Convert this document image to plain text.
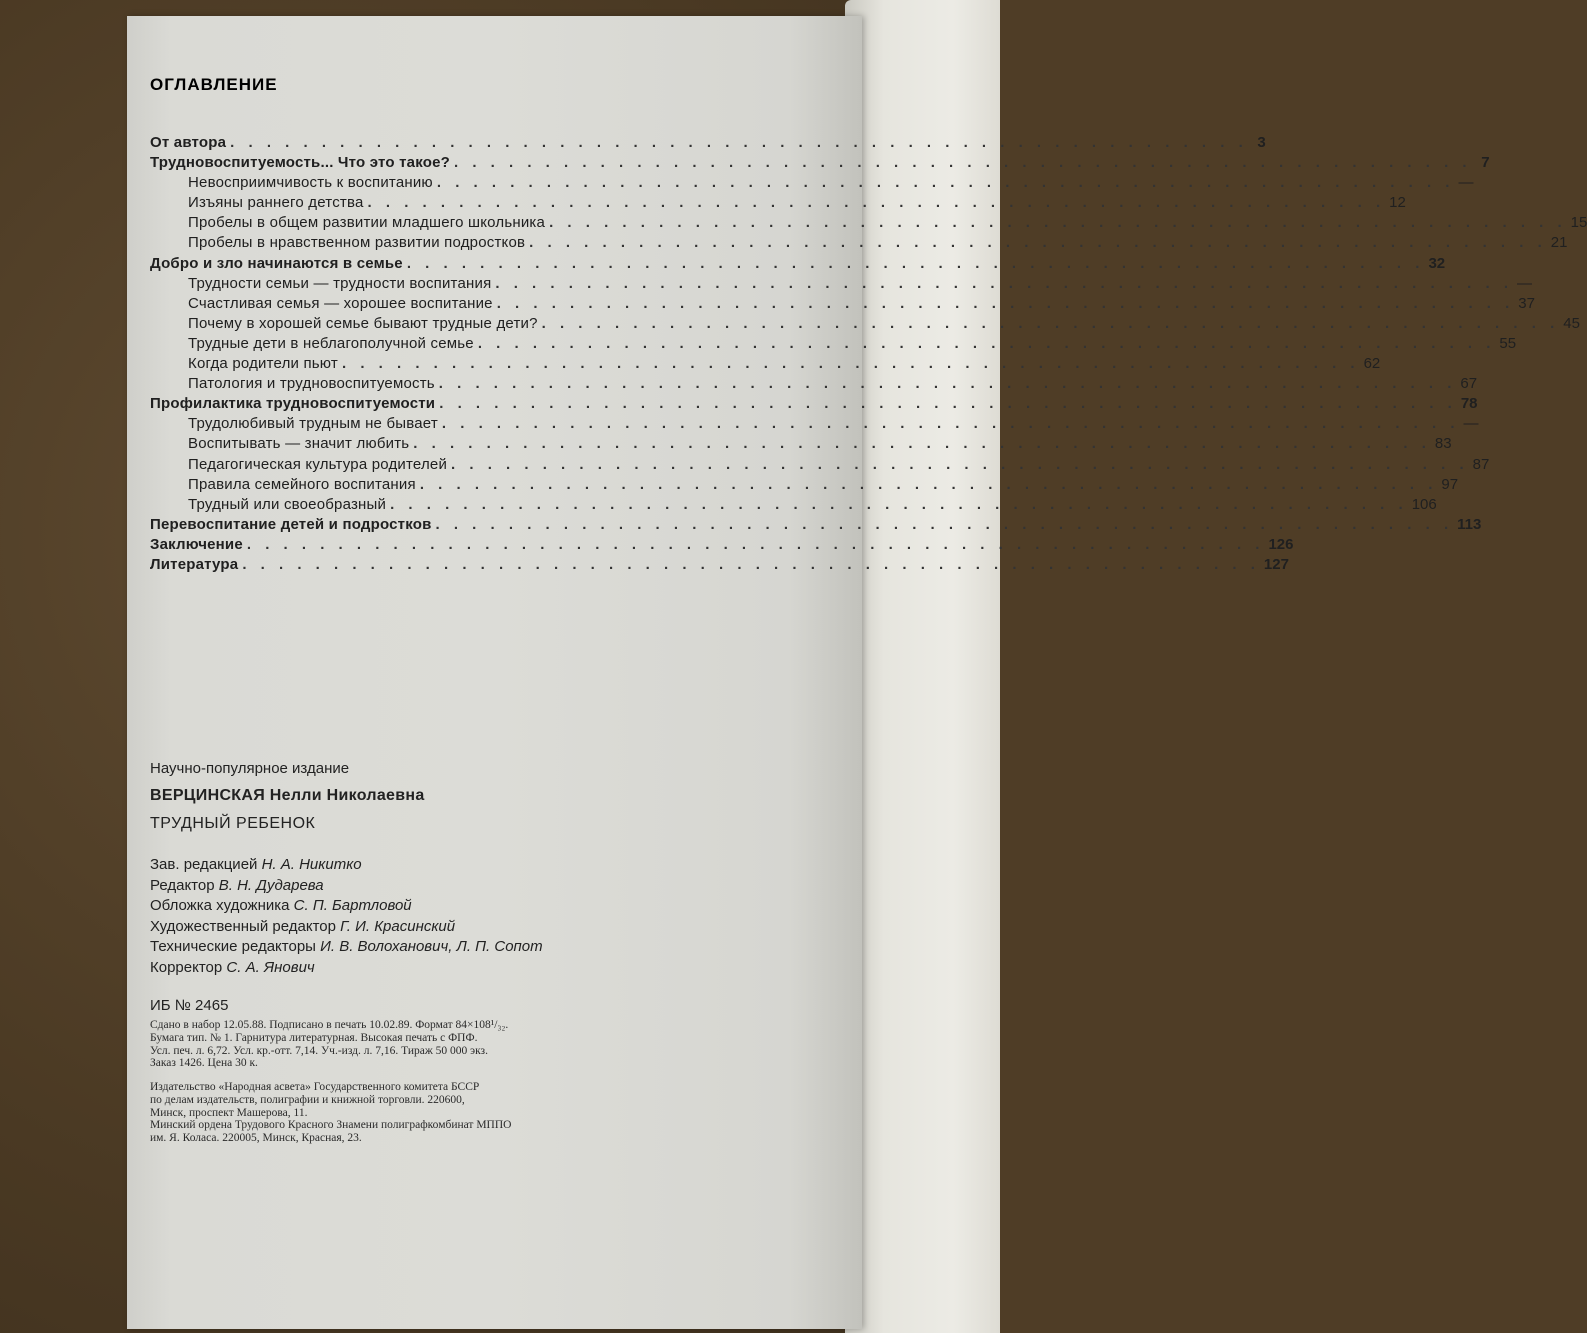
ОГЛАВЛЕНИЕ
От автора . . . . . . . . . . . . . . . . . . . . . . . . . . . . . . . . . . . . . . . . . . . . . . . . . . . . . . . . 3
Трудновоспитуемость... Что это такое? . . . . . . . . . . . . . . . . . . . . . . . . . . . . . . . . . . . . . . . . . . . . . . . . . . . . . . . . 7
Невосприимчивость к воспитанию . . . . . . . . . . . . . . . . . . . . . . . . . . . . . . . . . . . . . . . . . . . . . . . . . . . . . . . . —
Изъяны раннего детства . . . . . . . . . . . . . . . . . . . . . . . . . . . . . . . . . . . . . . . . . . . . . . . . . . . . . . . . 12
Пробелы в общем развитии младшего школьника . . . . . . . . . . . . . . . . . . . . . . . . . . . . . . . . . . . . . . . . . . . . . . . . . . . . . . . . 15
Пробелы в нравственном развитии подростков . . . . . . . . . . . . . . . . . . . . . . . . . . . . . . . . . . . . . . . . . . . . . . . . . . . . . . . . 21
Добро и зло начинаются в семье . . . . . . . . . . . . . . . . . . . . . . . . . . . . . . . . . . . . . . . . . . . . . . . . . . . . . . . . 32
Трудности семьи — трудности воспитания . . . . . . . . . . . . . . . . . . . . . . . . . . . . . . . . . . . . . . . . . . . . . . . . . . . . . . . . —
Счастливая семья — хорошее воспитание . . . . . . . . . . . . . . . . . . . . . . . . . . . . . . . . . . . . . . . . . . . . . . . . . . . . . . . . 37
Почему в хорошей семье бывают трудные дети? . . . . . . . . . . . . . . . . . . . . . . . . . . . . . . . . . . . . . . . . . . . . . . . . . . . . . . . . 45
Трудные дети в неблагополучной семье . . . . . . . . . . . . . . . . . . . . . . . . . . . . . . . . . . . . . . . . . . . . . . . . . . . . . . . . 55
Когда родители пьют . . . . . . . . . . . . . . . . . . . . . . . . . . . . . . . . . . . . . . . . . . . . . . . . . . . . . . . . 62
Патология и трудновоспитуемость . . . . . . . . . . . . . . . . . . . . . . . . . . . . . . . . . . . . . . . . . . . . . . . . . . . . . . . . 67
Профилактика трудновоспитуемости . . . . . . . . . . . . . . . . . . . . . . . . . . . . . . . . . . . . . . . . . . . . . . . . . . . . . . . . 78
Трудолюбивый трудным не бывает . . . . . . . . . . . . . . . . . . . . . . . . . . . . . . . . . . . . . . . . . . . . . . . . . . . . . . . . —
Воспитывать — значит любить . . . . . . . . . . . . . . . . . . . . . . . . . . . . . . . . . . . . . . . . . . . . . . . . . . . . . . . . 83
Педагогическая культура родителей . . . . . . . . . . . . . . . . . . . . . . . . . . . . . . . . . . . . . . . . . . . . . . . . . . . . . . . . 87
Правила семейного воспитания . . . . . . . . . . . . . . . . . . . . . . . . . . . . . . . . . . . . . . . . . . . . . . . . . . . . . . . . 97
Трудный или своеобразный . . . . . . . . . . . . . . . . . . . . . . . . . . . . . . . . . . . . . . . . . . . . . . . . . . . . . . . . 106
Перевоспитание детей и подростков . . . . . . . . . . . . . . . . . . . . . . . . . . . . . . . . . . . . . . . . . . . . . . . . . . . . . . . . 113
Заключение . . . . . . . . . . . . . . . . . . . . . . . . . . . . . . . . . . . . . . . . . . . . . . . . . . . . . . . . 126
Литература . . . . . . . . . . . . . . . . . . . . . . . . . . . . . . . . . . . . . . . . . . . . . . . . . . . . . . . . 127
Научно-популярное издание
ВЕРЦИНСКАЯ Нелли Николаевна
ТРУДНЫЙ РЕБЕНОК
Зав. редакцией Н. А. Никитко
Редактор В. Н. Дударева
Обложка художника С. П. Бартловой
Художественный редактор Г. И. Красинский
Технические редакторы И. В. Волоханович, Л. П. Сопот
Корректор С. А. Янович
ИБ № 2465
Сдано в набор 12.05.88. Подписано в печать 10.02.89. Формат 84×108¹/₃₂.
Бумага тип. № 1. Гарнитура литературная. Высокая печать с ФПФ.
Усл. печ. л. 6,72. Усл. кр.-отт. 7,14. Уч.-изд. л. 7,16. Тираж 50 000 экз.
Заказ 1426. Цена 30 к.
Издательство «Народная асвета» Государственного комитета БССР
по делам издательств, полиграфии и книжной торговли. 220600,
Минск, проспект Машерова, 11.
Минский ордена Трудового Красного Знамени полиграфкомбинат МППО
им. Я. Коласа. 220005, Минск, Красная, 23.
